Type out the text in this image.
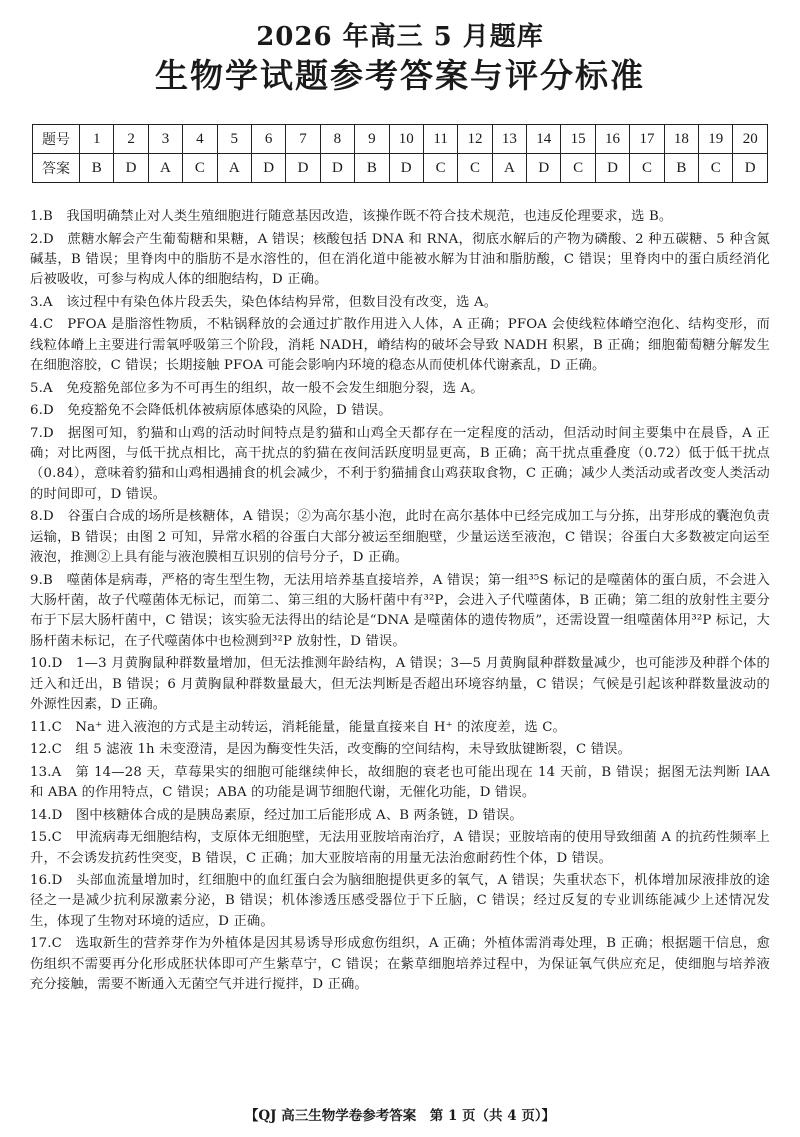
2026 年高三 5 月题库
生物学试题参考答案与评分标准
题号	1	2	3	4	5	6	7	8	9	10	11	12	13	14	15	16	17	18	19	20
答案	B	D	A	C	A	D	D	D	B	D	C	C	A	D	C	D	C	B	C	D

1.B　我国明确禁止对人类生殖细胞进行随意基因改造，该操作既不符合技术规范，也违反伦理要求，选 B。

2.D　蔗糖水解会产生葡萄糖和果糖，A 错误；核酸包括 DNA 和 RNA，彻底水解后的产物为磷酸、2 种五碳糖、5 种含氮碱基，B 错误；里脊肉中的脂肪不是水溶性的，但在消化道中能被水解为甘油和脂肪酸，C 错误；里脊肉中的蛋白质经消化后被吸收，可参与构成人体的细胞结构，D 正确。

3.A　该过程中有染色体片段丢失，染色体结构异常，但数目没有改变，选 A。

4.C　PFOA 是脂溶性物质，不粘锅释放的会通过扩散作用进入人体，A 正确；PFOA 会使线粒体嵴空泡化、结构变形，而线粒体嵴上主要进行需氧呼吸第三个阶段，消耗 NADH，嵴结构的破坏会导致 NADH 积累，B 正确；细胞葡萄糖分解发生在细胞溶胶，C 错误；长期接触 PFOA 可能会影响内环境的稳态从而使机体代谢紊乱，D 正确。

5.A　免疫豁免部位多为不可再生的组织，故一般不会发生细胞分裂，选 A。

6.D　免疫豁免不会降低机体被病原体感染的风险，D 错误。

7.D　据图可知，豹猫和山鸡的活动时间特点是豹猫和山鸡全天都存在一定程度的活动，但活动时间主要集中在晨昏，A 正确；对比两图，与低干扰点相比，高干扰点的豹猫在夜间活跃度明显更高，B 正确；高干扰点重叠度（0.72）低于低干扰点（0.84），意味着豹猫和山鸡相遇捕食的机会减少，不利于豹猫捕食山鸡获取食物，C 正确；减少人类活动或者改变人类活动的时间即可，D 错误。

8.D　谷蛋白合成的场所是核糖体，A 错误；②为高尔基小泡，此时在高尔基体中已经完成加工与分拣，出芽形成的囊泡负责运输，B 错误；由图 2 可知，异常水稻的谷蛋白大部分被运至细胞壁，少量运送至液泡，C 错误；谷蛋白大多数被定向运至液泡，推测②上具有能与液泡膜相互识别的信号分子，D 正确。

9.B　噬菌体是病毒，严格的寄生型生物，无法用培养基直接培养，A 错误；第一组³⁵S 标记的是噬菌体的蛋白质，不会进入大肠杆菌，故子代噬菌体无标记，而第二、第三组的大肠杆菌中有³²P，会进入子代噬菌体，B 正确；第二组的放射性主要分布于下层大肠杆菌中，C 错误；该实验无法得出的结论是“DNA 是噬菌体的遗传物质”，还需设置一组噬菌体用³²P 标记，大肠杆菌未标记，在子代噬菌体中也检测到³²P 放射性，D 错误。

10.D　1—3 月黄胸鼠种群数量增加，但无法推测年龄结构，A 错误；3—5 月黄胸鼠种群数量减少，也可能涉及种群个体的迁入和迁出，B 错误；6 月黄胸鼠种群数量最大，但无法判断是否超出环境容纳量，C 错误；气候是引起该种群数量波动的外源性因素，D 正确。

11.C　Na⁺ 进入液泡的方式是主动转运，消耗能量，能量直接来自 H⁺ 的浓度差，选 C。

12.C　组 5 滤液 1h 未变澄清，是因为酶变性失活，改变酶的空间结构，未导致肽键断裂，C 错误。

13.A　第 14—28 天，草莓果实的细胞可能继续伸长，故细胞的衰老也可能出现在 14 天前，B 错误；据图无法判断 IAA 和 ABA 的作用特点，C 错误；ABA 的功能是调节细胞代谢，无催化功能，D 错误。

14.D　图中核糖体合成的是胰岛素原，经过加工后能形成 A、B 两条链，D 错误。

15.C　甲流病毒无细胞结构，支原体无细胞壁，无法用亚胺培南治疗，A 错误；亚胺培南的使用导致细菌 A 的抗药性频率上升，不会诱发抗药性突变，B 错误，C 正确；加大亚胺培南的用量无法治愈耐药性个体，D 错误。

16.D　头部血流量增加时，红细胞中的血红蛋白会为脑细胞提供更多的氧气，A 错误；失重状态下，机体增加尿液排放的途径之一是减少抗利尿激素分泌，B 错误；机体渗透压感受器位于下丘脑，C 错误；经过反复的专业训练能减少上述情况发生，体现了生物对环境的适应，D 正确。

17.C　选取新生的营养芽作为外植体是因其易诱导形成愈伤组织，A 正确；外植体需消毒处理，B 正确；根据题干信息，愈伤组织不需要再分化形成胚状体即可产生紫草宁，C 错误；在紫草细胞培养过程中，为保证氧气供应充足，使细胞与培养液充分接触，需要不断通入无菌空气并进行搅拌，D 正确。

【QJ 高三生物学卷参考答案　第 1 页（共 4 页）】
